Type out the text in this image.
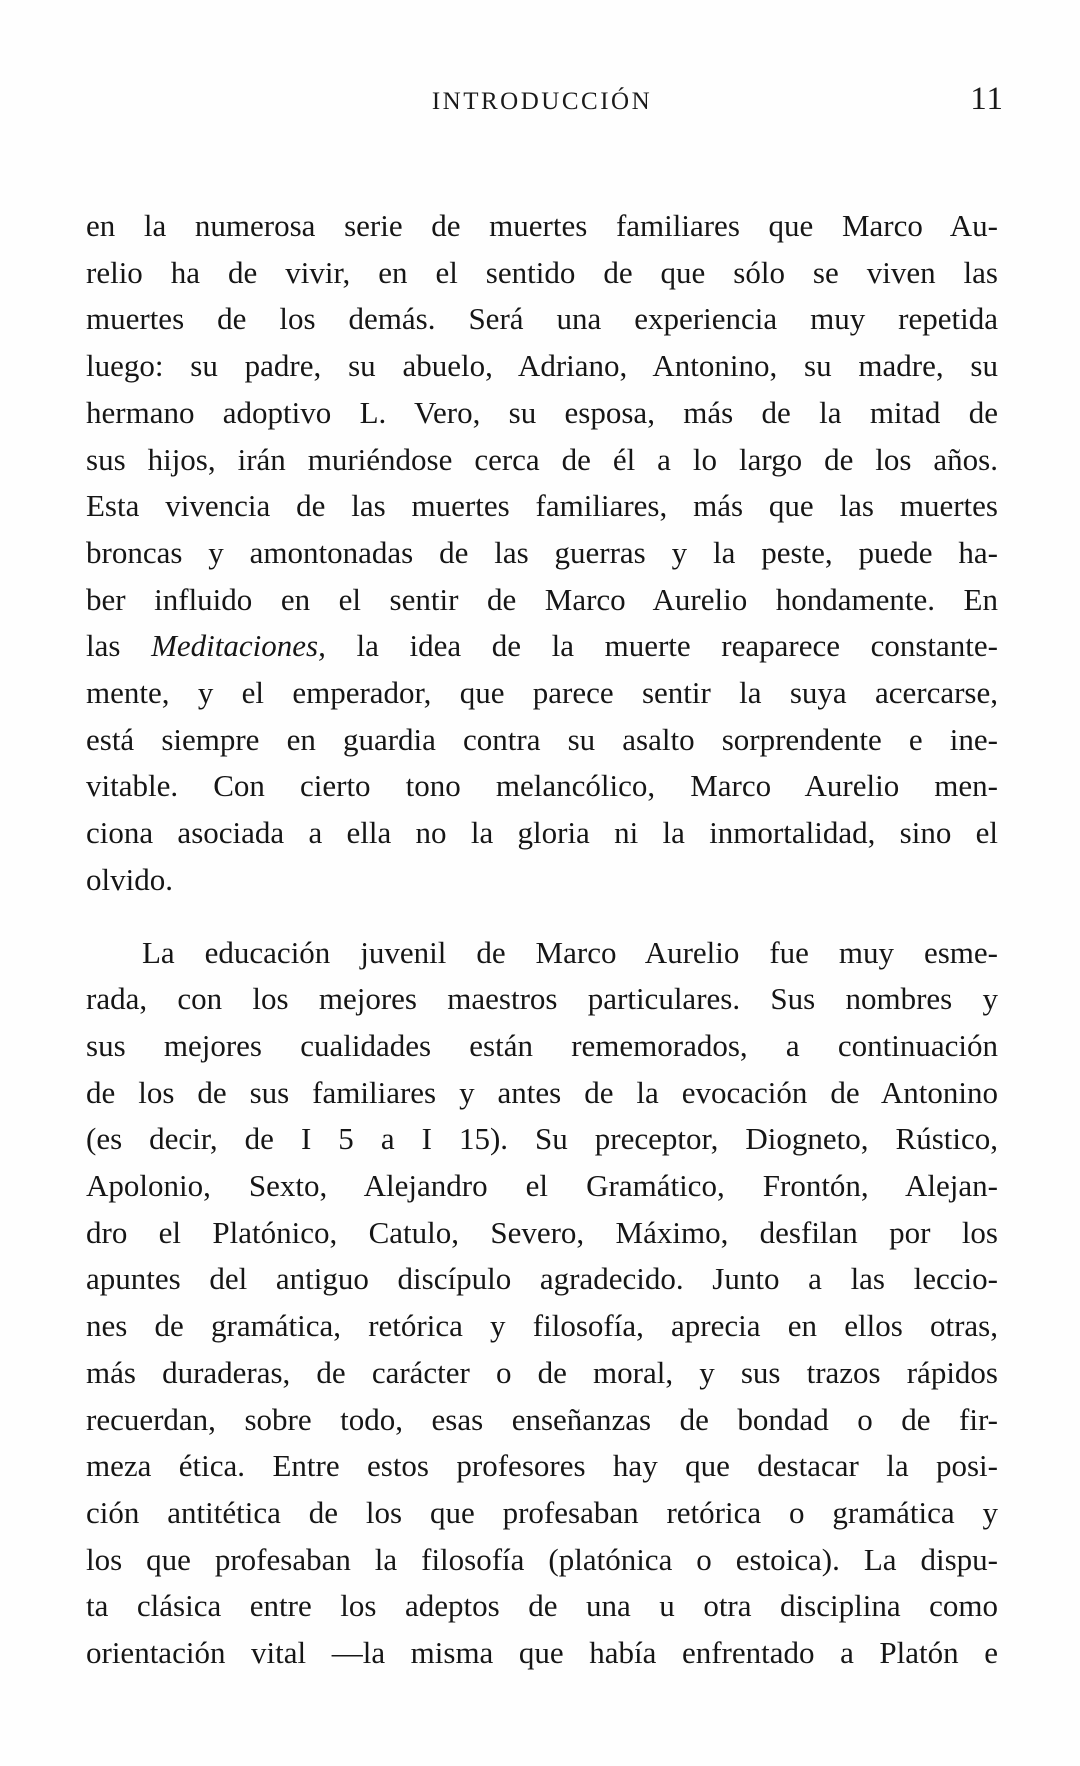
INTRODUCCIÓN	11
en la numerosa serie de muertes familiares que Marco Au-
relio ha de vivir, en el sentido de que sólo se viven las
muertes de los demás. Será una experiencia muy repetida
luego: su padre, su abuelo, Adriano, Antonino, su madre, su
hermano adoptivo L. Vero, su esposa, más de la mitad de
sus hijos, irán muriéndose cerca de él a lo largo de los años.
Esta vivencia de las muertes familiares, más que las muertes
broncas y amontonadas de las guerras y la peste, puede ha-
ber influido en el sentir de Marco Aurelio hondamente. En
las Meditaciones, la idea de la muerte reaparece constante-
mente, y el emperador, que parece sentir la suya acercarse,
está siempre en guardia contra su asalto sorprendente e ine-
vitable. Con cierto tono melancólico, Marco Aurelio men-
ciona asociada a ella no la gloria ni la inmortalidad, sino el
olvido.
La educación juvenil de Marco Aurelio fue muy esme-
rada, con los mejores maestros particulares. Sus nombres y
sus mejores cualidades están rememorados, a continuación
de los de sus familiares y antes de la evocación de Antonino
(es decir, de I 5 a I 15). Su preceptor, Diogneto, Rústico,
Apolonio, Sexto, Alejandro el Gramático, Frontón, Alejan-
dro el Platónico, Catulo, Severo, Máximo, desfilan por los
apuntes del antiguo discípulo agradecido. Junto a las leccio-
nes de gramática, retórica y filosofía, aprecia en ellos otras,
más duraderas, de carácter o de moral, y sus trazos rápidos
recuerdan, sobre todo, esas enseñanzas de bondad o de fir-
meza ética. Entre estos profesores hay que destacar la posi-
ción antitética de los que profesaban retórica o gramática y
los que profesaban la filosofía (platónica o estoica). La dispu-
ta clásica entre los adeptos de una u otra disciplina como
orientación vital —la misma que había enfrentado a Platón e
